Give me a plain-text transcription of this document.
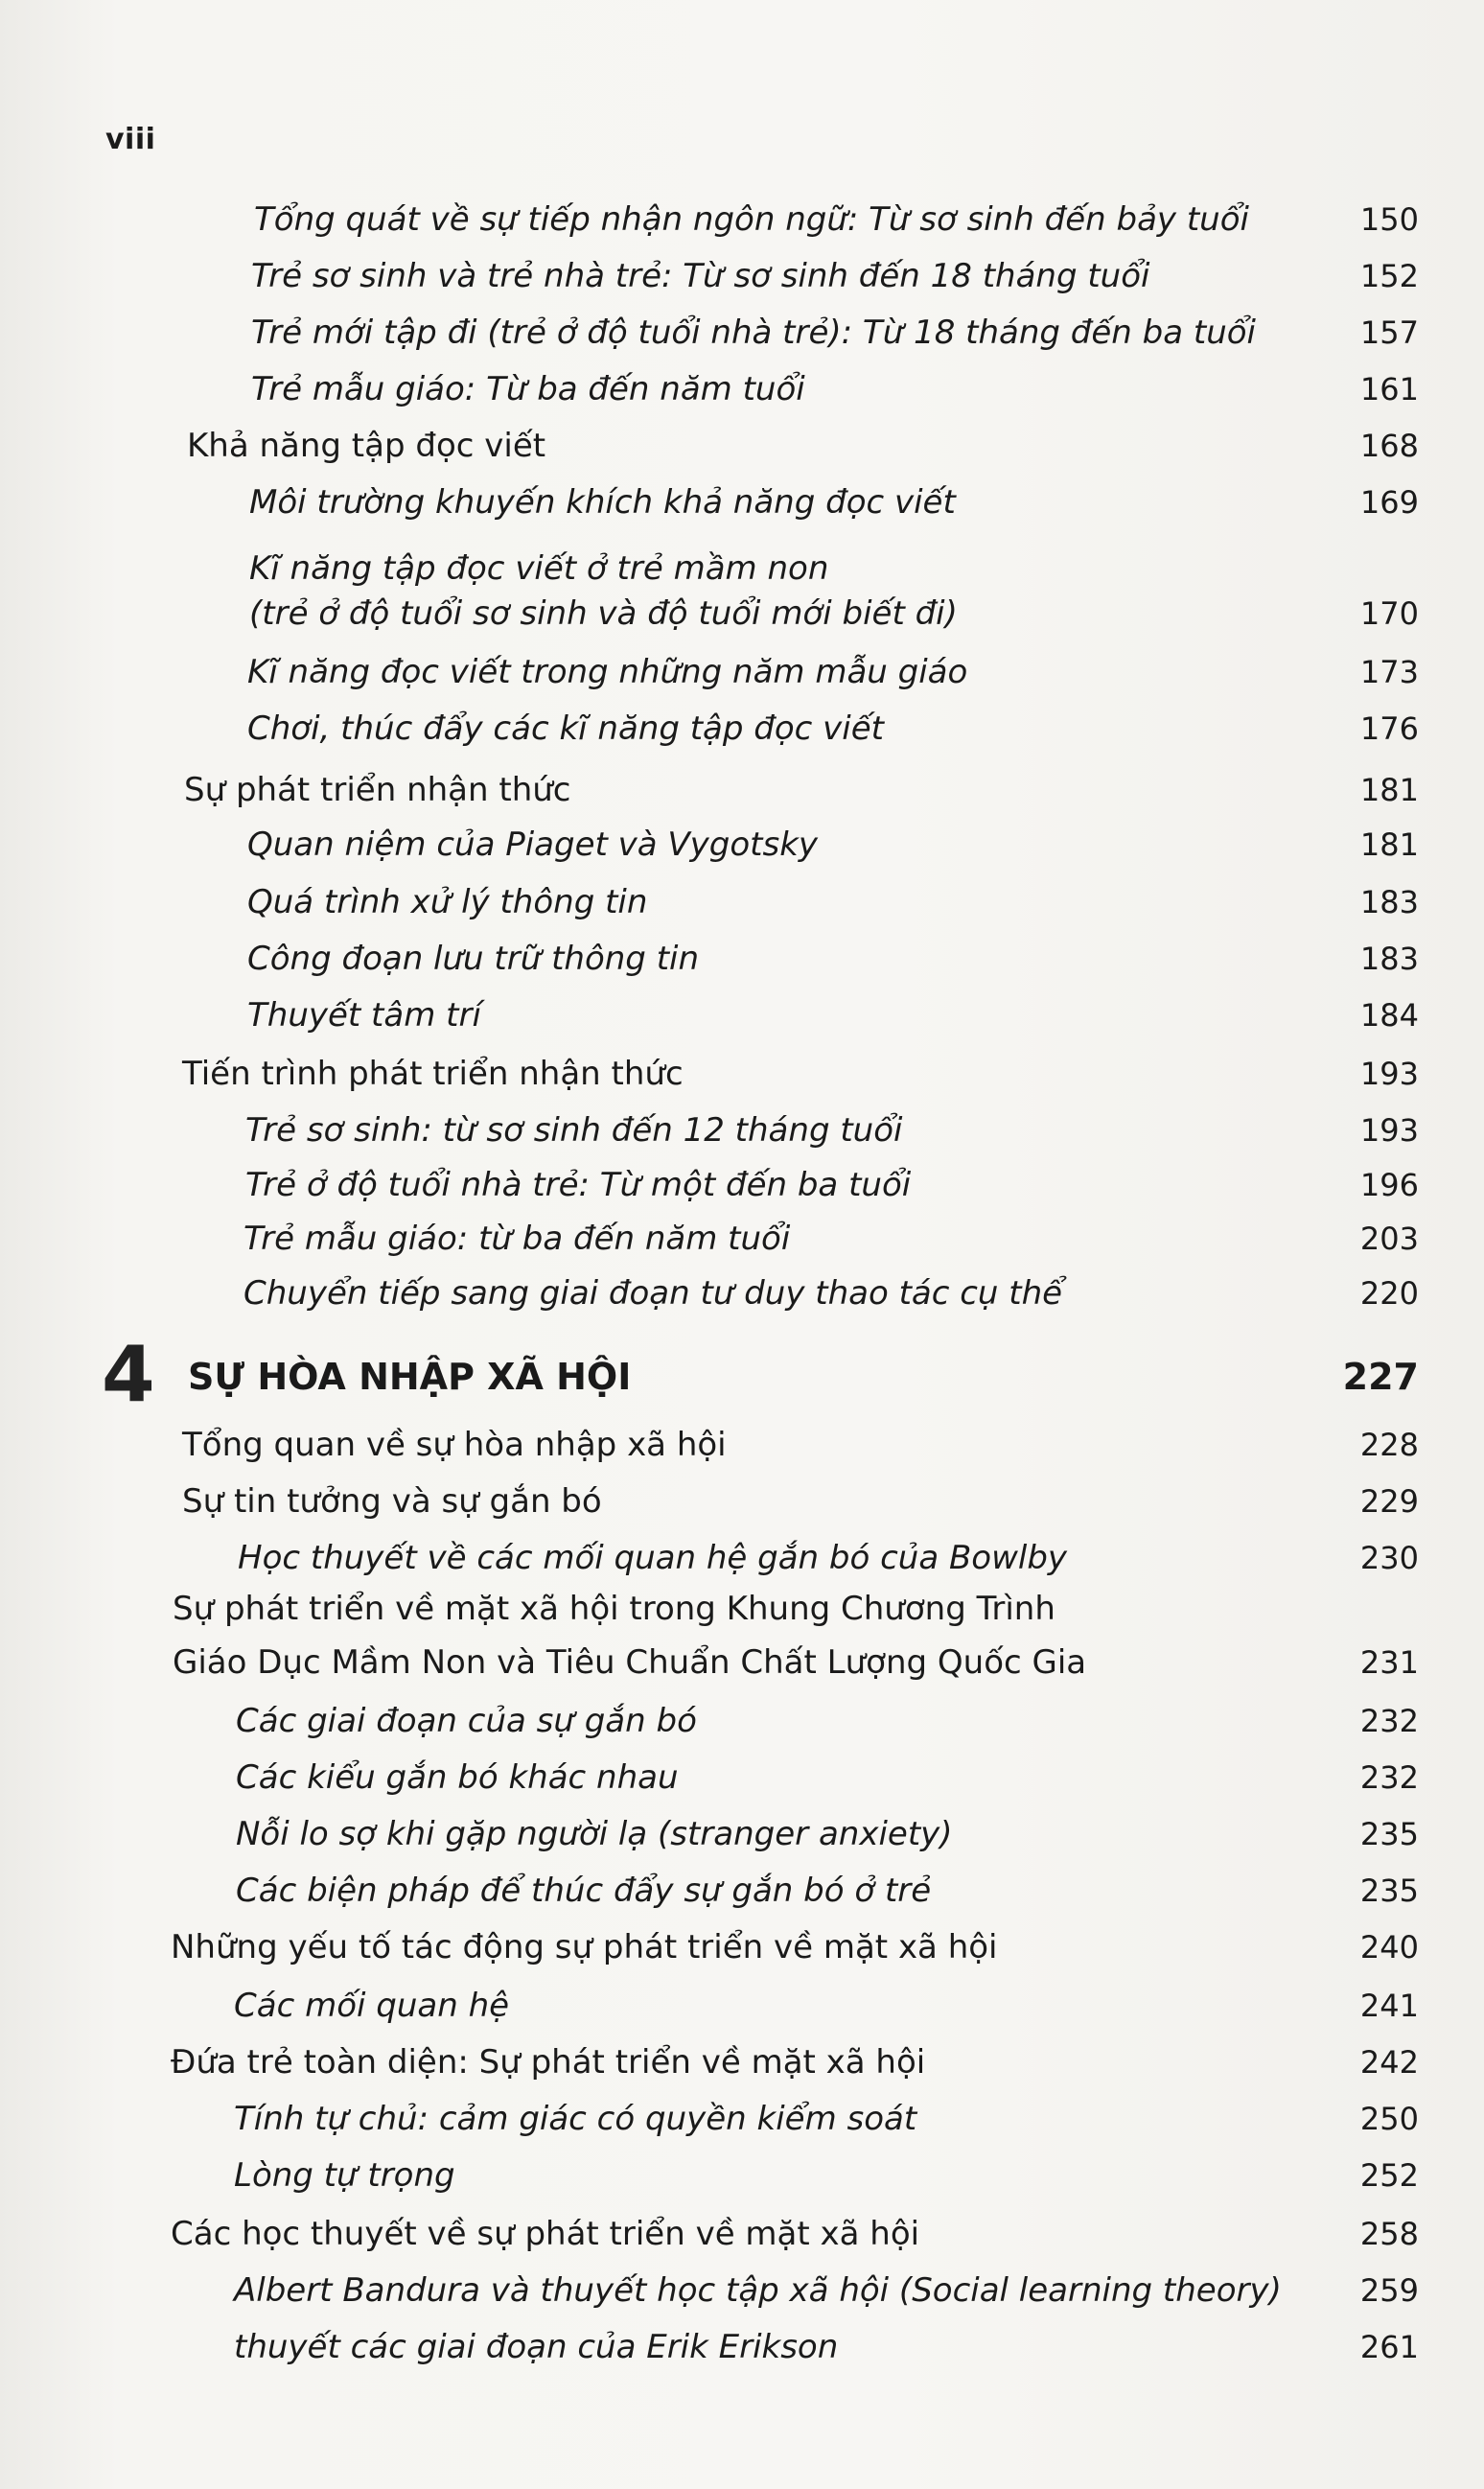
viii
Tổng quát về sự tiếp nhận ngôn ngữ: Từ sơ sinh đến bảy tuổi	150
Trẻ sơ sinh và trẻ nhà trẻ: Từ sơ sinh đến 18 tháng tuổi	152
Trẻ mới tập đi (trẻ ở độ tuổi nhà trẻ): Từ 18 tháng đến ba tuổi	157
Trẻ mẫu giáo: Từ ba đến năm tuổi	161
Khả năng tập đọc viết	168
Môi trường khuyến khích khả năng đọc viết	169
Kĩ năng tập đọc viết ở trẻ mầm non
(trẻ ở độ tuổi sơ sinh và độ tuổi mới biết đi)	170
Kĩ năng đọc viết trong những năm mẫu giáo	173
Chơi, thúc đẩy các kĩ năng tập đọc viết	176
Sự phát triển nhận thức	181
Quan niệm của Piaget và Vygotsky	181
Quá trình xử lý thông tin	183
Công đoạn lưu trữ thông tin	183
Thuyết tâm trí	184
Tiến trình phát triển nhận thức	193
Trẻ sơ sinh: từ sơ sinh đến 12 tháng tuổi	193
Trẻ ở độ tuổi nhà trẻ: Từ một đến ba tuổi	196
Trẻ mẫu giáo: từ ba đến năm tuổi	203
Chuyển tiếp sang giai đoạn tư duy thao tác cụ thể	220
4 SỰ HÒA NHẬP XÃ HỘI	227
Tổng quan về sự hòa nhập xã hội	228
Sự tin tưởng và sự gắn bó	229
Học thuyết về các mối quan hệ gắn bó của Bowlby	230
Sự phát triển về mặt xã hội trong Khung Chương Trình
Giáo Dục Mầm Non và Tiêu Chuẩn Chất Lượng Quốc Gia	231
Các giai đoạn của sự gắn bó	232
Các kiểu gắn bó khác nhau	232
Nỗi lo sợ khi gặp người lạ (stranger anxiety)	235
Các biện pháp để thúc đẩy sự gắn bó ở trẻ	235
Những yếu tố tác động sự phát triển về mặt xã hội	240
Các mối quan hệ	241
Đứa trẻ toàn diện: Sự phát triển về mặt xã hội	242
Tính tự chủ: cảm giác có quyền kiểm soát	250
Lòng tự trọng	252
Các học thuyết về sự phát triển về mặt xã hội	258
Albert Bandura và thuyết học tập xã hội (Social learning theory)	259
thuyết các giai đoạn của Erik Erikson	261
